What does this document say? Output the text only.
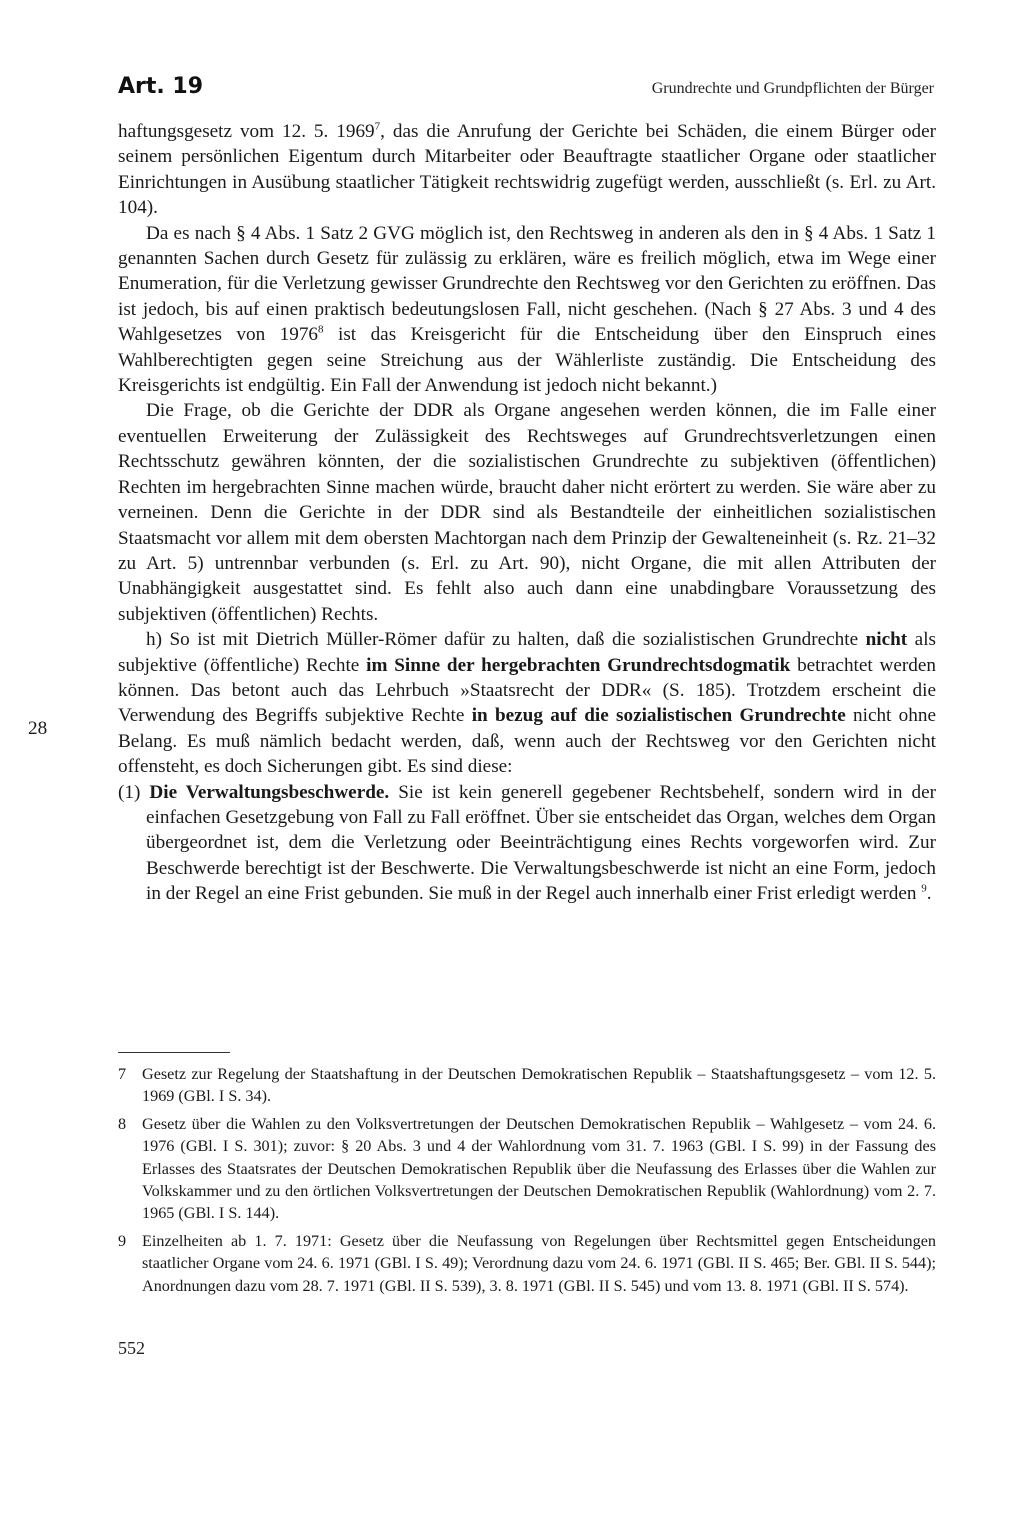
Art. 19	Grundrechte und Grundpflichten der Bürger
28

haftungsgesetz vom 12. 5. 1969$^7$, das die Anrufung der Gerichte bei Schäden, die einem Bürger oder seinem persönlichen Eigentum durch Mitarbeiter oder Beauftragte staatlicher Organe oder staatlicher Einrichtungen in Ausübung staatlicher Tätigkeit rechtswidrig zugefügt werden, ausschließt (s. Erl. zu Art. 104).

Da es nach § 4 Abs. 1 Satz 2 GVG möglich ist, den Rechtsweg in anderen als den in § 4 Abs. 1 Satz 1 genannten Sachen durch Gesetz für zulässig zu erklären, wäre es freilich möglich, etwa im Wege einer Enumeration, für die Verletzung gewisser Grundrechte den Rechtsweg vor den Gerichten zu eröffnen. Das ist jedoch, bis auf einen praktisch bedeutungslosen Fall, nicht geschehen. (Nach § 27 Abs. 3 und 4 des Wahlgesetzes von 1976$^8$ ist das Kreisgericht für die Entscheidung über den Einspruch eines Wahlberechtigten gegen seine Streichung aus der Wählerliste zuständig. Die Entscheidung des Kreisgerichts ist endgültig. Ein Fall der Anwendung ist jedoch nicht bekannt.)

Die Frage, ob die Gerichte der DDR als Organe angesehen werden können, die im Falle einer eventuellen Erweiterung der Zulässigkeit des Rechtsweges auf Grundrechtsverletzungen einen Rechtsschutz gewähren könnten, der die sozialistischen Grundrechte zu subjektiven (öffentlichen) Rechten im hergebrachten Sinne machen würde, braucht daher nicht erörtert zu werden. Sie wäre aber zu verneinen. Denn die Gerichte in der DDR sind als Bestandteile der einheitlichen sozialistischen Staatsmacht vor allem mit dem obersten Machtorgan nach dem Prinzip der Gewalteneinheit (s. Rz. 21–32 zu Art. 5) untrennbar verbunden (s. Erl. zu Art. 90), nicht Organe, die mit allen Attributen der Unabhängigkeit ausgestattet sind. Es fehlt also auch dann eine unabdingbare Voraussetzung des subjektiven (öffentlichen) Rechts.

h) So ist mit Dietrich Müller-Römer dafür zu halten, daß die sozialistischen Grundrechte nicht als subjektive (öffentliche) Rechte im Sinne der hergebrachten Grundrechtsdogmatik betrachtet werden können. Das betont auch das Lehrbuch »Staatsrecht der DDR« (S. 185). Trotzdem erscheint die Verwendung des Begriffs subjektive Rechte in bezug auf die sozialistischen Grundrechte nicht ohne Belang. Es muß nämlich bedacht werden, daß, wenn auch der Rechtsweg vor den Gerichten nicht offensteht, es doch Sicherungen gibt. Es sind diese:

(1) Die Verwaltungsbeschwerde. Sie ist kein generell gegebener Rechtsbehelf, sondern wird in der einfachen Gesetzgebung von Fall zu Fall eröffnet. Über sie entscheidet das Organ, welches dem Organ übergeordnet ist, dem die Verletzung oder Beeinträchtigung eines Rechts vorgeworfen wird. Zur Beschwerde berechtigt ist der Beschwerte. Die Verwaltungsbeschwerde ist nicht an eine Form, jedoch in der Regel an eine Frist gebunden. Sie muß in der Regel auch innerhalb einer Frist erledigt werden $^9$.

7 Gesetz zur Regelung der Staatshaftung in der Deutschen Demokratischen Republik – Staatshaftungsgesetz – vom 12. 5. 1969 (GBl. I S. 34).

8 Gesetz über die Wahlen zu den Volksvertretungen der Deutschen Demokratischen Republik – Wahlgesetz – vom 24. 6. 1976 (GBl. I S. 301); zuvor: § 20 Abs. 3 und 4 der Wahlordnung vom 31. 7. 1963 (GBl. I S. 99) in der Fassung des Erlasses des Staatsrates der Deutschen Demokratischen Republik über die Neufassung des Erlasses über die Wahlen zur Volkskammer und zu den örtlichen Volksvertretungen der Deutschen Demokratischen Republik (Wahlordnung) vom 2. 7. 1965 (GBl. I S. 144).

9 Einzelheiten ab 1. 7. 1971: Gesetz über die Neufassung von Regelungen über Rechtsmittel gegen Entscheidungen staatlicher Organe vom 24. 6. 1971 (GBl. I S. 49); Verordnung dazu vom 24. 6. 1971 (GBl. II S. 465; Ber. GBl. II S. 544); Anordnungen dazu vom 28. 7. 1971 (GBl. II S. 539), 3. 8. 1971 (GBl. II S. 545) und vom 13. 8. 1971 (GBl. II S. 574).

552
